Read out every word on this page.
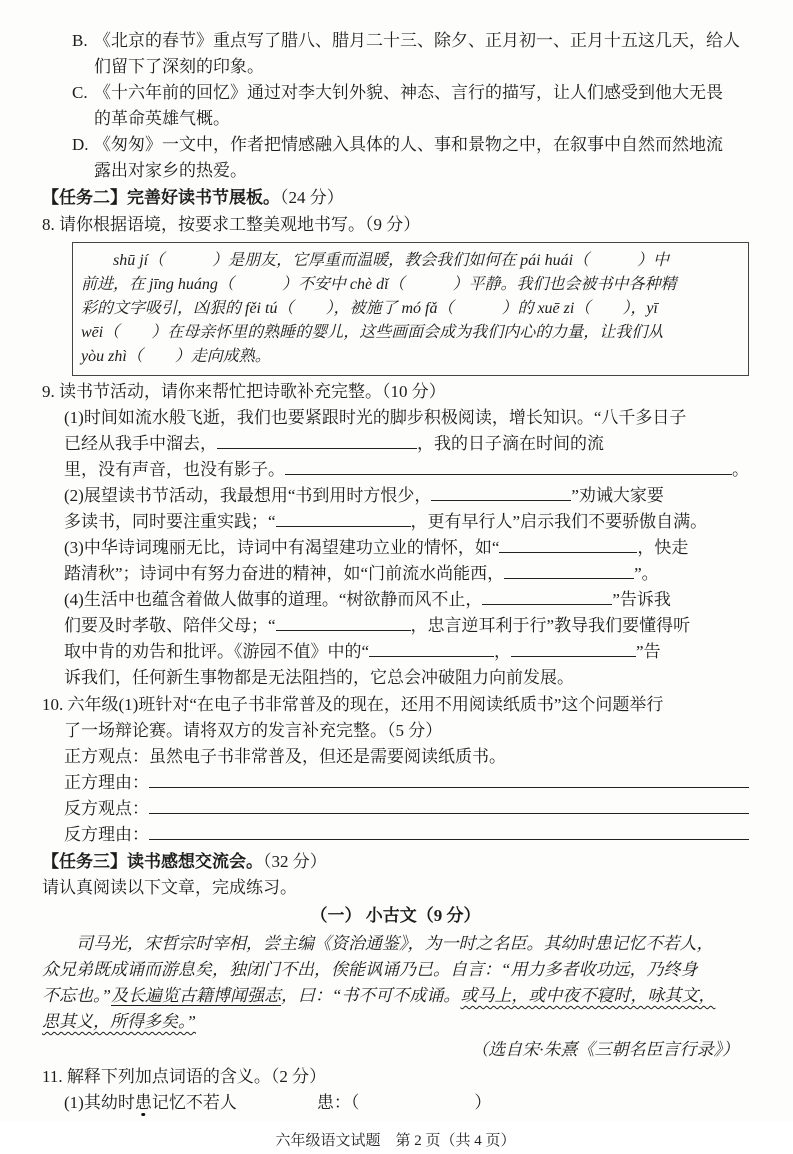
B. 《北京的春节》重点写了腊八、腊月二十三、除夕、正月初一、正月十五这几天，给人
们留下了深刻的印象。
C. 《十六年前的回忆》通过对李大钊外貌、神态、言行的描写，让人们感受到他大无畏
的革命英雄气概。
D. 《匆匆》一文中，作者把情感融入具体的人、事和景物之中，在叙事中自然而然地流
露出对家乡的热爱。
【任务二】完善好读书节展板。（24 分）
8. 请你根据语境，按要求工整美观地书写。（9 分）
　　shū jí（　　　）是朋友，它厚重而温暖，教会我们如何在 pái huái（　　　）中
前进，在 jīng huáng（　　　）不安中 chè dǐ（　　　）平静。我们也会被书中各种精
彩的文字吸引，凶狠的 fěi tú（　　），被施了 mó fǎ（　　　）的 xuē zi（　　），yī
wēi（　　）在母亲怀里的熟睡的婴儿，这些画面会成为我们内心的力量，让我们从
yòu zhì（　　）走向成熟。
9. 读书节活动，请你来帮忙把诗歌补充完整。（10 分）
(1)时间如流水般飞逝，我们也要紧跟时光的脚步积极阅读，增长知识。“八千多日子
已经从我手中溜去，	，我的日子滴在时间的流
里，没有声音，也没有影子。	。
(2)展望读书节活动，我最想用“书到用时方恨少，	”劝诫大家要
多读书，同时要注重实践；“	，更有早行人”启示我们不要骄傲自满。
(3)中华诗词瑰丽无比，诗词中有渴望建功立业的情怀，如“	，快走
踏清秋”；诗词中有努力奋进的精神，如“门前流水尚能西，	”。
(4)生活中也蕴含着做人做事的道理。“树欲静而风不止，	”告诉我
们要及时孝敬、陪伴父母；“	，忠言逆耳利于行”教导我们要懂得听
取中肯的劝告和批评。《游园不值》中的“	，	”告
诉我们，任何新生事物都是无法阻挡的，它总会冲破阻力向前发展。
10. 六年级(1)班针对“在电子书非常普及的现在，还用不用阅读纸质书”这个问题举行
了一场辩论赛。请将双方的发言补充完整。（5 分）
正方观点：虽然电子书非常普及，但还是需要阅读纸质书。
正方理由：
反方观点：
反方理由：
【任务三】读书感想交流会。（32 分）
请认真阅读以下文章，完成练习。
（一） 小古文（9 分）
　　司马光，宋哲宗时宰相，尝主编《资治通鉴》，为一时之名臣。其幼时患记忆不若人，
众兄弟既成诵而游息矣，独闭门不出，俟能讽诵乃已。自言：“用力多者收功远，乃终身
不忘也。”及长遍览古籍博闻强志，曰：“书不可不成诵。或马上，或中夜不寝时，咏其文，
思其义，所得多矣。”
（选自宋·朱熹《三朝名臣言行录》）
11. 解释下列加点词语的含义。（2 分）
(1)其幼时患记忆不若人	患：（	）
六年级语文试题　第 2 页（共 4 页）
